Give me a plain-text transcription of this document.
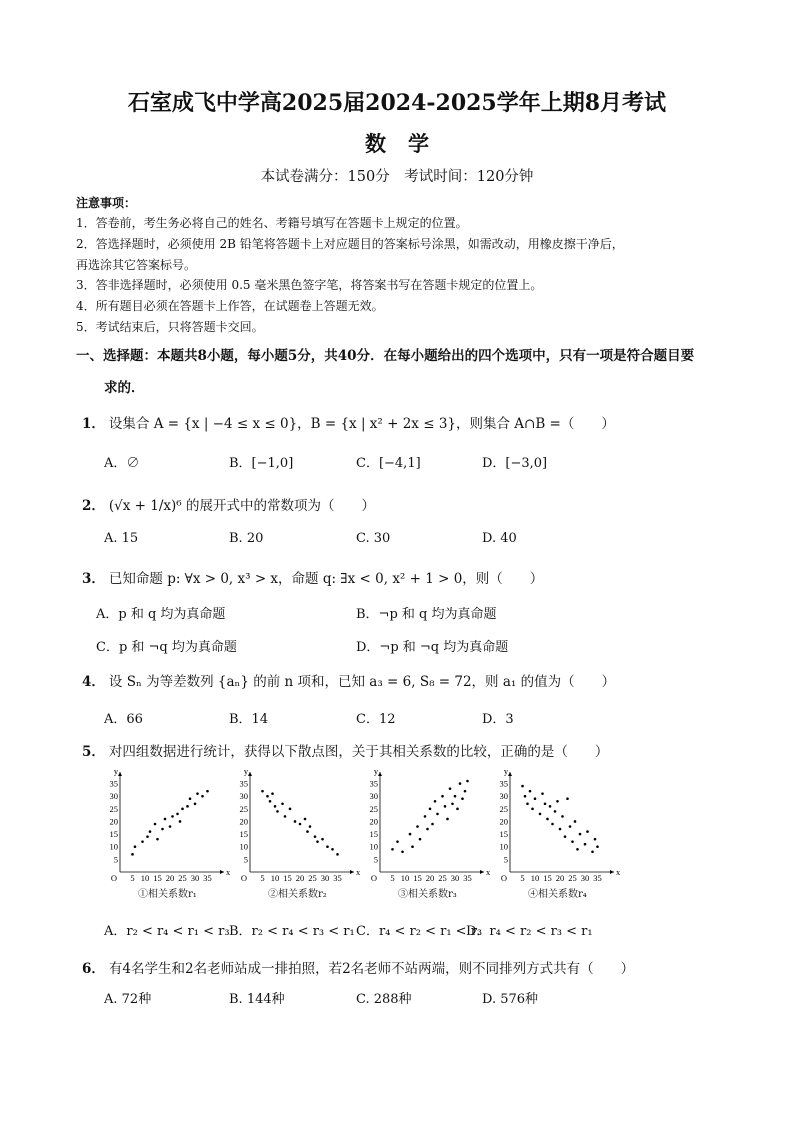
石室成飞中学高2025届2024-2025学年上期8月考试
数学
本试卷满分：150分　考试时间：120分钟
注意事项：
1．答卷前，考生务必将自己的姓名、考籍号填写在答题卡上规定的位置。
2．答选择题时，必须使用 2B 铅笔将答题卡上对应题目的答案标号涂黑，如需改动，用橡皮擦干净后，
再选涂其它答案标号。
3．答非选择题时，必须使用 0.5 毫米黑色签字笔，将答案书写在答题卡规定的位置上。
4．所有题目必须在答题卡上作答，在试题卷上答题无效。
5．考试结束后，只将答题卡交回。
一、选择题：本题共8小题，每小题5分，共40分．在每小题给出的四个选项中，只有一项是符合题目要
求的．
1． 设集合 A = {x | −4 ≤ x ≤ 0}，B = {x | x² + 2x ≤ 3}，则集合 A∩B =（　　）
A．∅	B．[−1,0]	C．[−4,1]	D．[−3,0]
2． (√x + 1/x)⁶ 的展开式中的常数项为（　　）
A. 15	B. 20	C. 30	D. 40
3． 已知命题 p: ∀x > 0, x³ > x，命题 q: ∃x < 0, x² + 1 > 0，则（　　）
A．p 和 q 均为真命题	B．¬p 和 q 均为真命题
C．p 和 ¬q 均为真命题	D．¬p 和 ¬q 均为真命题
4． 设 Sₙ 为等差数列 {aₙ} 的前 n 项和，已知 a₃ = 6, S₈ = 72，则 a₁ 的值为（　　）
A．66	B．14	C．12	D．3
5． 对四组数据进行统计，获得以下散点图，关于其相关系数的比较，正确的是（　　）
x
y
O 5 10 15 20 25 30 35
5
10
15
20
25
30
35
x
y
O 5 10 15 20 25 30 35
5
10
15
20
25
30
35
x
y
O 5 10 15 20 25 30 35
5
10
15
20
25
30
35
x
y
O 5 10 15 20 25 30 35
5
10
15
20
25
30
35
①相关系数r₁	②相关系数r₂	③相关系数r₃	④相关系数r₄
A．r₂ < r₄ < r₁ < r₃ B．r₂ < r₄ < r₃ < r₁ C．r₄ < r₂ < r₁ < r₃
D．r₄ < r₂ < r₃ < r₁
6． 有4名学生和2名老师站成一排拍照，若2名老师不站两端，则不同排列方式共有（　　）
A. 72种	B. 144种	C. 288种	D. 576种
